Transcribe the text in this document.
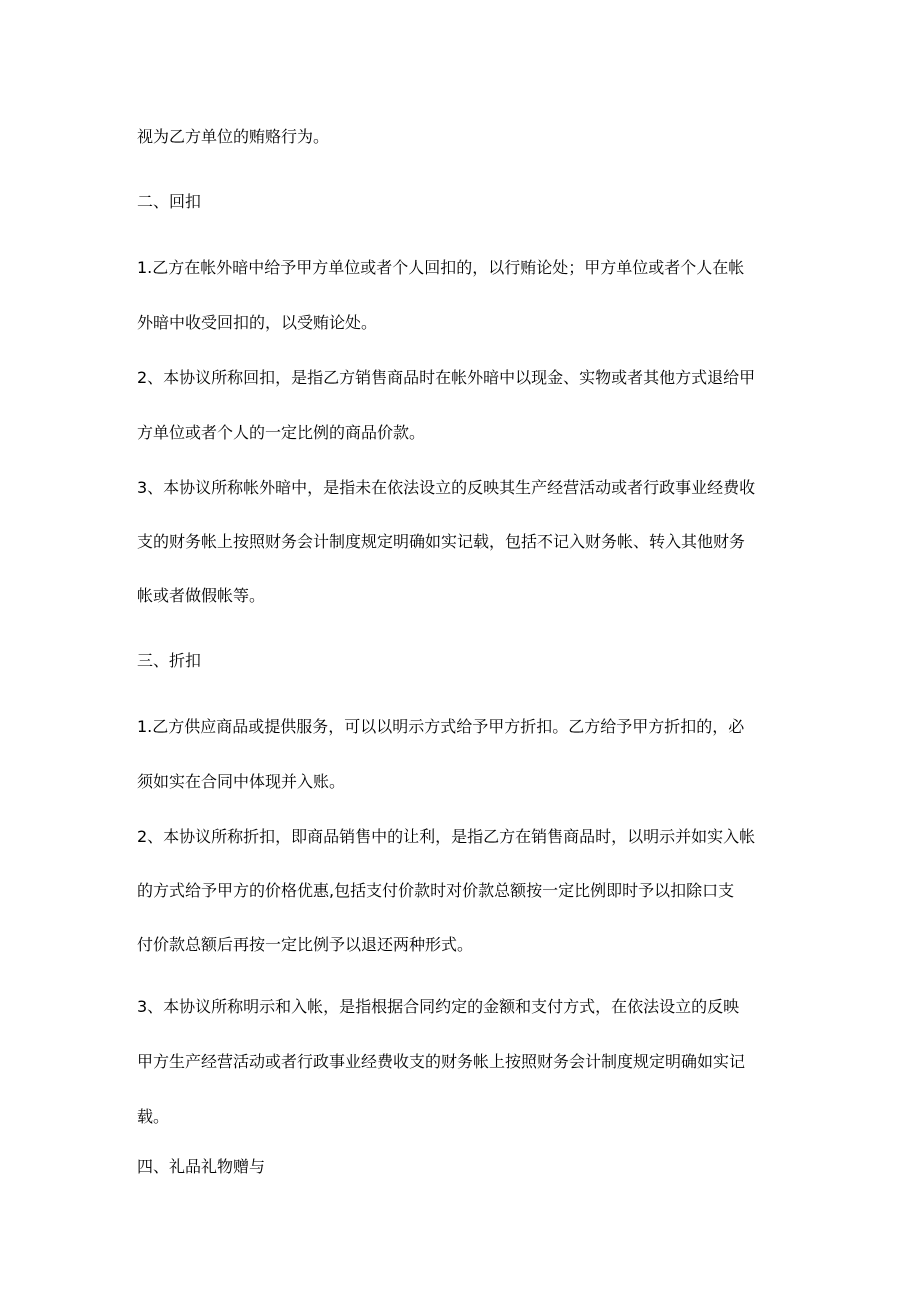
视为乙方单位的贿赂行为。
二、回扣
1.乙方在帐外暗中给予甲方单位或者个人回扣的，以行贿论处；甲方单位或者个人在帐
外暗中收受回扣的，以受贿论处。
2、本协议所称回扣，是指乙方销售商品时在帐外暗中以现金、实物或者其他方式退给甲
方单位或者个人的一定比例的商品价款。
3、本协议所称帐外暗中，是指未在依法设立的反映其生产经营活动或者行政事业经费收
支的财务帐上按照财务会计制度规定明确如实记载，包括不记入财务帐、转入其他财务
帐或者做假帐等。
三、折扣
1.乙方供应商品或提供服务，可以以明示方式给予甲方折扣。乙方给予甲方折扣的，必
须如实在合同中体现并入账。
2、本协议所称折扣，即商品销售中的让利，是指乙方在销售商品时，以明示并如实入帐
的方式给予甲方的价格优惠,包括支付价款时对价款总额按一定比例即时予以扣除口支
付价款总额后再按一定比例予以退还两种形式。
3、本协议所称明示和入帐，是指根据合同约定的金额和支付方式，在依法设立的反映
甲方生产经营活动或者行政事业经费收支的财务帐上按照财务会计制度规定明确如实记
载。
四、礼品礼物赠与
